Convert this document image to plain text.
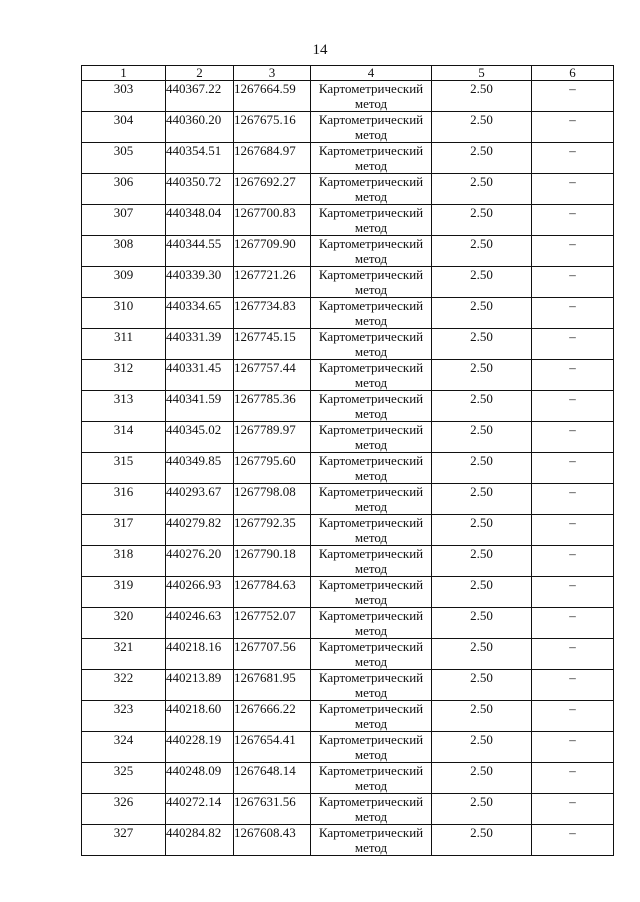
14
1	2	3	4	5	6
303	440367.22	1267664.59	Картометрический метод	2.50	–
304	440360.20	1267675.16	Картометрический метод	2.50	–
305	440354.51	1267684.97	Картометрический метод	2.50	–
306	440350.72	1267692.27	Картометрический метод	2.50	–
307	440348.04	1267700.83	Картометрический метод	2.50	–
308	440344.55	1267709.90	Картометрический метод	2.50	–
309	440339.30	1267721.26	Картометрический метод	2.50	–
310	440334.65	1267734.83	Картометрический метод	2.50	–
311	440331.39	1267745.15	Картометрический метод	2.50	–
312	440331.45	1267757.44	Картометрический метод	2.50	–
313	440341.59	1267785.36	Картометрический метод	2.50	–
314	440345.02	1267789.97	Картометрический метод	2.50	–
315	440349.85	1267795.60	Картометрический метод	2.50	–
316	440293.67	1267798.08	Картометрический метод	2.50	–
317	440279.82	1267792.35	Картометрический метод	2.50	–
318	440276.20	1267790.18	Картометрический метод	2.50	–
319	440266.93	1267784.63	Картометрический метод	2.50	–
320	440246.63	1267752.07	Картометрический метод	2.50	–
321	440218.16	1267707.56	Картометрический метод	2.50	–
322	440213.89	1267681.95	Картометрический метод	2.50	–
323	440218.60	1267666.22	Картометрический метод	2.50	–
324	440228.19	1267654.41	Картометрический метод	2.50	–
325	440248.09	1267648.14	Картометрический метод	2.50	–
326	440272.14	1267631.56	Картометрический метод	2.50	–
327	440284.82	1267608.43	Картометрический метод	2.50	–
